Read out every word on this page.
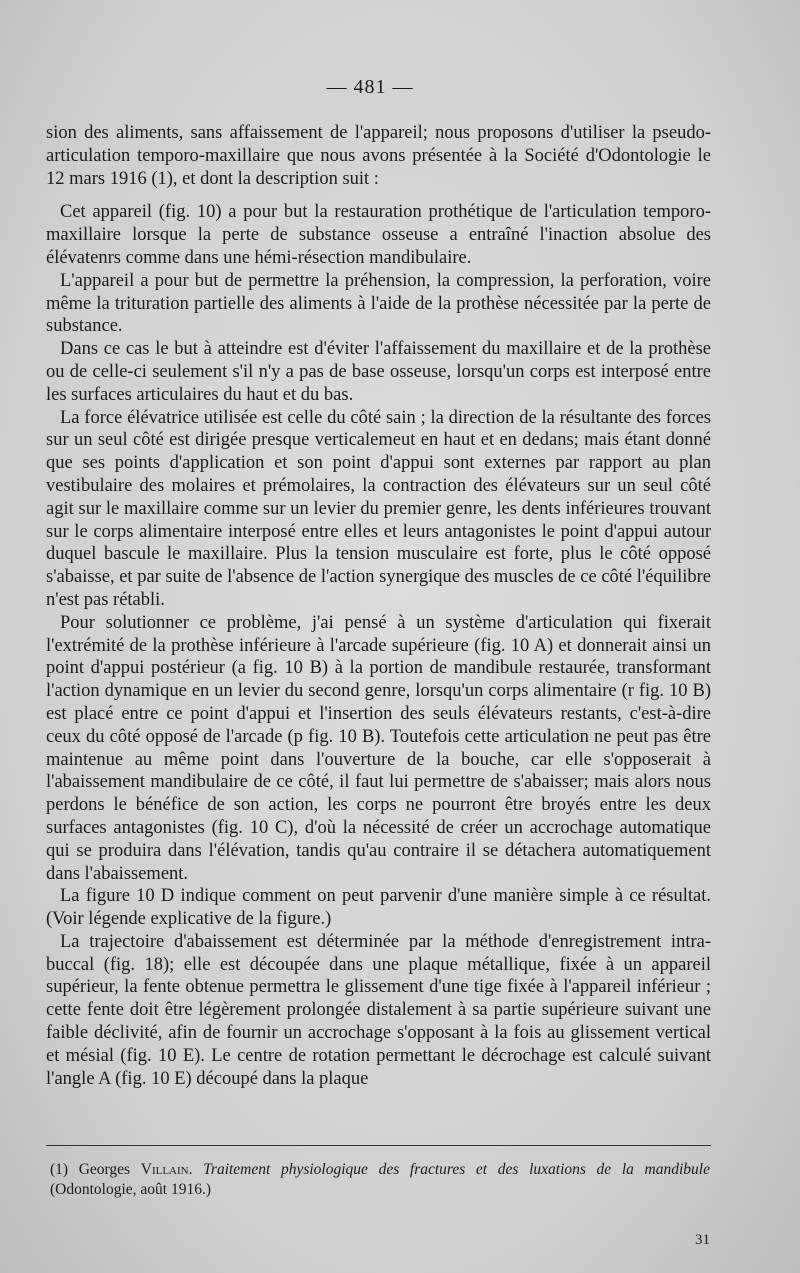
— 481 —

sion des aliments, sans affaissement de l'appareil; nous proposons d'utiliser la pseudo-articulation temporo-maxillaire que nous avons présentée à la Société d'Odontologie le 12 mars 1916 (1), et dont la description suit :

Cet appareil (fig. 10) a pour but la restauration prothétique de l'articulation temporo-maxillaire lorsque la perte de substance osseuse a entraîné l'inaction absolue des élévatenrs comme dans une hémi-résection mandibulaire.

L'appareil a pour but de permettre la préhension, la compression, la perforation, voire même la trituration partielle des aliments à l'aide de la prothèse nécessitée par la perte de substance.

Dans ce cas le but à atteindre est d'éviter l'affaissement du maxillaire et de la prothèse ou de celle-ci seulement s'il n'y a pas de base osseuse, lorsqu'un corps est interposé entre les surfaces articulaires du haut et du bas.

La force élévatrice utilisée est celle du côté sain ; la direction de la résultante des forces sur un seul côté est dirigée presque verticalemeut en haut et en dedans; mais étant donné que ses points d'application et son point d'appui sont externes par rapport au plan vestibulaire des molaires et prémolaires, la contraction des élévateurs sur un seul côté agit sur le maxillaire comme sur un levier du premier genre, les dents inférieures trouvant sur le corps alimentaire interposé entre elles et leurs antagonistes le point d'appui autour duquel bascule le maxillaire. Plus la tension musculaire est forte, plus le côté opposé s'abaisse, et par suite de l'absence de l'action synergique des muscles de ce côté l'équilibre n'est pas rétabli.

Pour solutionner ce problème, j'ai pensé à un système d'articulation qui fixerait l'extrémité de la prothèse inférieure à l'arcade supérieure (fig. 10 A) et donnerait ainsi un point d'appui postérieur (a fig. 10 B) à la portion de mandibule restaurée, transformant l'action dynamique en un levier du second genre, lorsqu'un corps alimentaire (r fig. 10 B) est placé entre ce point d'appui et l'insertion des seuls élévateurs restants, c'est-à-dire ceux du côté opposé de l'arcade (p fig. 10 B). Toutefois cette articulation ne peut pas être maintenue au même point dans l'ouverture de la bouche, car elle s'opposerait à l'abaissement mandibulaire de ce côté, il faut lui permettre de s'abaisser; mais alors nous perdons le bénéfice de son action, les corps ne pourront être broyés entre les deux surfaces antagonistes (fig. 10 C), d'où la nécessité de créer un accrochage automatique qui se produira dans l'élévation, tandis qu'au contraire il se détachera automatiquement dans l'abaissement.

La figure 10 D indique comment on peut parvenir d'une manière simple à ce résultat. (Voir légende explicative de la figure.)

La trajectoire d'abaissement est déterminée par la méthode d'enregistrement intra-buccal (fig. 18); elle est découpée dans une plaque métallique, fixée à un appareil supérieur, la fente obtenue permettra le glissement d'une tige fixée à l'appareil inférieur ; cette fente doit être légèrement prolongée distalement à sa partie supérieure suivant une faible déclivité, afin de fournir un accrochage s'opposant à la fois au glissement vertical et mésial (fig. 10 E). Le centre de rotation permettant le décrochage est calculé suivant l'angle A (fig. 10 E) découpé dans la plaque

(1) Georges Villain. Traitement physiologique des fractures et des luxations de la mandibule (Odontologie, août 1916.)
31
